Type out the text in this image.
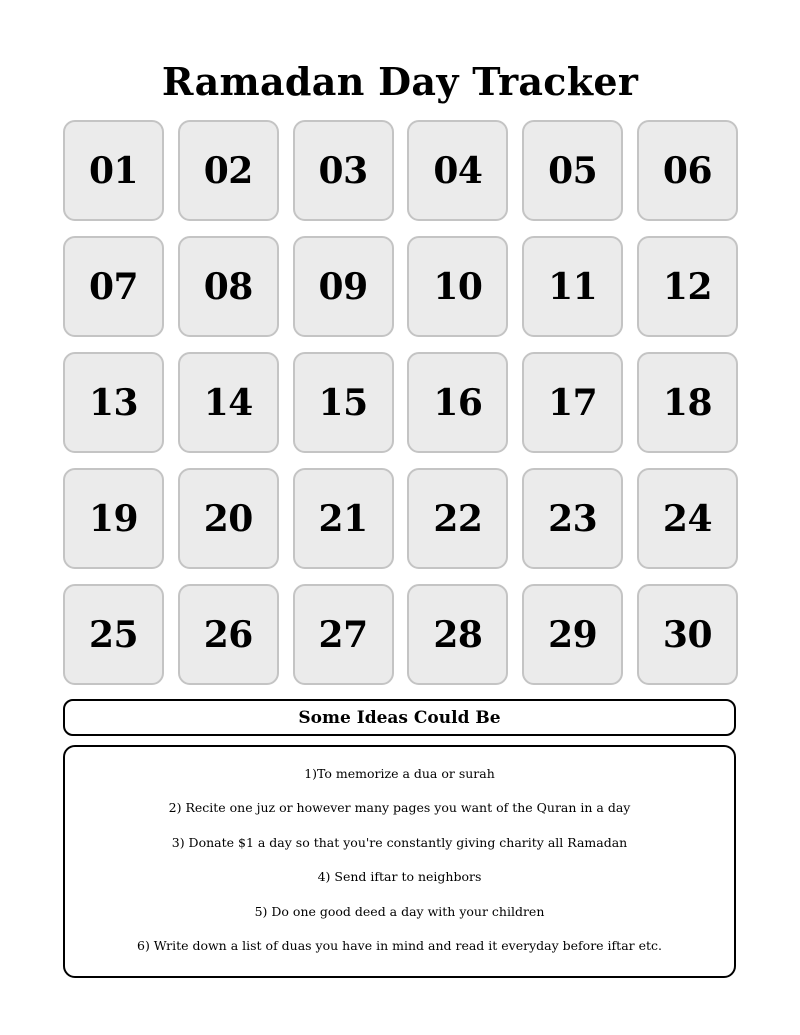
Ramadan Day Tracker
01 02 03 04 05 06
07 08 09 10 11 12
13 14 15 16 17 18
19 20 21 22 23 24
25 26 27 28 29 30
Some Ideas Could Be
1)To memorize a dua or surah
2) Recite one juz or however many pages you want of the Quran in a day
3) Donate $1 a day so that you're constantly giving charity all Ramadan
4) Send iftar to neighbors
5) Do one good deed a day with your children
6) Write down a list of duas you have in mind and read it everyday before iftar etc.
